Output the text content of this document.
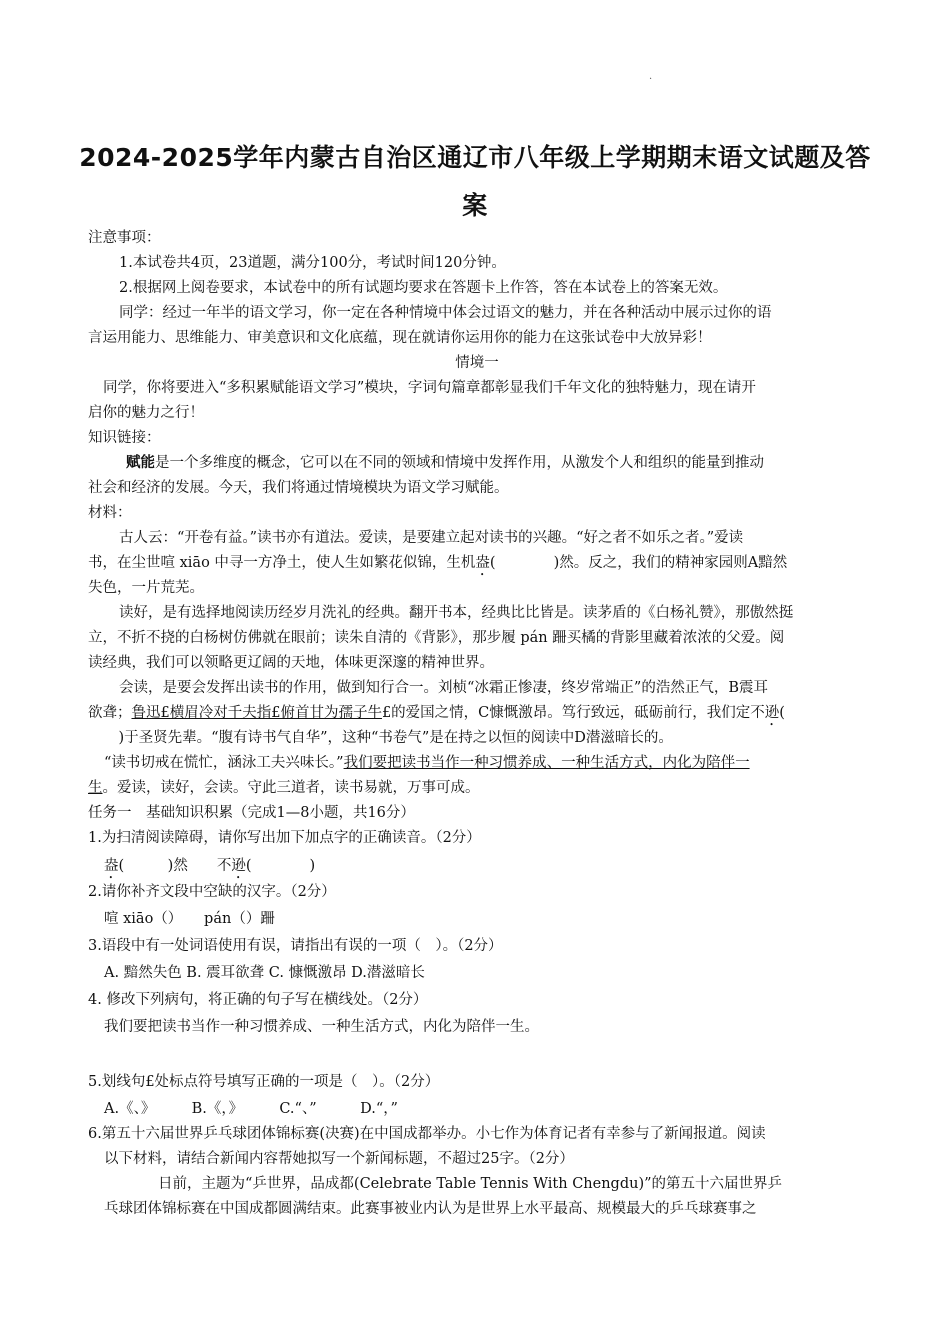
·
2024-2025学年内蒙古自治区通辽市八年级上学期期末语文试题及答
案
注意事项：
1.本试卷共4页，23道题，满分100分，考试时间120分钟。
2.根据网上阅卷要求，本试卷中的所有试题均要求在答题卡上作答，答在本试卷上的答案无效。
同学：经过一年半的语文学习，你一定在各种情境中体会过语文的魅力，并在各种活动中展示过你的语
言运用能力、思维能力、审美意识和文化底蕴，现在就请你运用你的能力在这张试卷中大放异彩！
情境一
同学，你将要进入“多积累赋能语文学习”模块，字词句篇章都彰显我们千年文化的独特魅力，现在请开
启你的魅力之行！
知识链接：
赋能是一个多维度的概念，它可以在不同的领域和情境中发挥作用，从激发个人和组织的能量到推动
社会和经济的发展。今天，我们将通过情境模块为语文学习赋能。
材料：
古人云：“开卷有益。”读书亦有道法。爱读，是要建立起对读书的兴趣。“好之者不如乐之者。”爱读
书，在尘世喧 xiāo 中寻一方净土，使人生如繁花似锦，生机盎(　　　　)然。反之，我们的精神家园则A黯然
失色，一片荒芜。
读好，是有选择地阅读历经岁月洗礼的经典。翻开书本，经典比比皆是。读茅盾的《白杨礼赞》，那傲然挺
立，不折不挠的白杨树仿佛就在眼前；读朱自清的《背影》，那步履 pán 跚买橘的背影里藏着浓浓的父爱。阅
读经典，我们可以领略更辽阔的天地，体味更深邃的精神世界。
会读，是要会发挥出读书的作用，做到知行合一。刘桢“冰霜正惨凄，终岁常端正”的浩然正气，B震耳
欲聋；鲁迅£横眉冷对千夫指£俯首甘为孺子牛£的爱国之情，C慷慨激昂。笃行致远，砥砺前行，我们定不逊(
　)于圣贤先辈。“腹有诗书气自华”，这种“书卷气”是在持之以恒的阅读中D潜滋暗长的。
“读书切戒在慌忙，涵泳工夫兴味长。”我们要把读书当作一种习惯养成、一种生活方式，内化为陪伴一
生。爱读，读好，会读。守此三道者，读书易就，万事可成。
任务一　基础知识积累（完成1—8小题，共16分）
1.为扫清阅读障碍，请你写出加下加点字的正确读音。（2分）
盎(　　　)然　　不逊(　　　　)
2.请你补齐文段中空缺的汉字。（2分）
喧 xiāo（）　　pán（）跚
3.语段中有一处词语使用有误，请指出有误的一项（　）。（2分）
A. 黯然失色 B. 震耳欲聋 C. 慷慨激昂 D.潜滋暗长
4. 修改下列病句，将正确的句子写在横线处。（2分）
我们要把读书当作一种习惯养成、一种生活方式，内化为陪伴一生。
5.划线句£处标点符号填写正确的一项是（　）。（2分）
A.《、》　　　B.《，》　　　C.“、”　　　D.“，”
6.第五十六届世界乒乓球团体锦标赛(决赛)在中国成都举办。小七作为体育记者有幸参与了新闻报道。阅读
以下材料，请结合新闻内容帮她拟写一个新闻标题，不超过25字。（2分）
日前，主题为“乒世界，品成都(Celebrate Table Tennis With Chengdu)”的第五十六届世界乒
乓球团体锦标赛在中国成都圆满结束。此赛事被业内认为是世界上水平最高、规模最大的乒乓球赛事之
